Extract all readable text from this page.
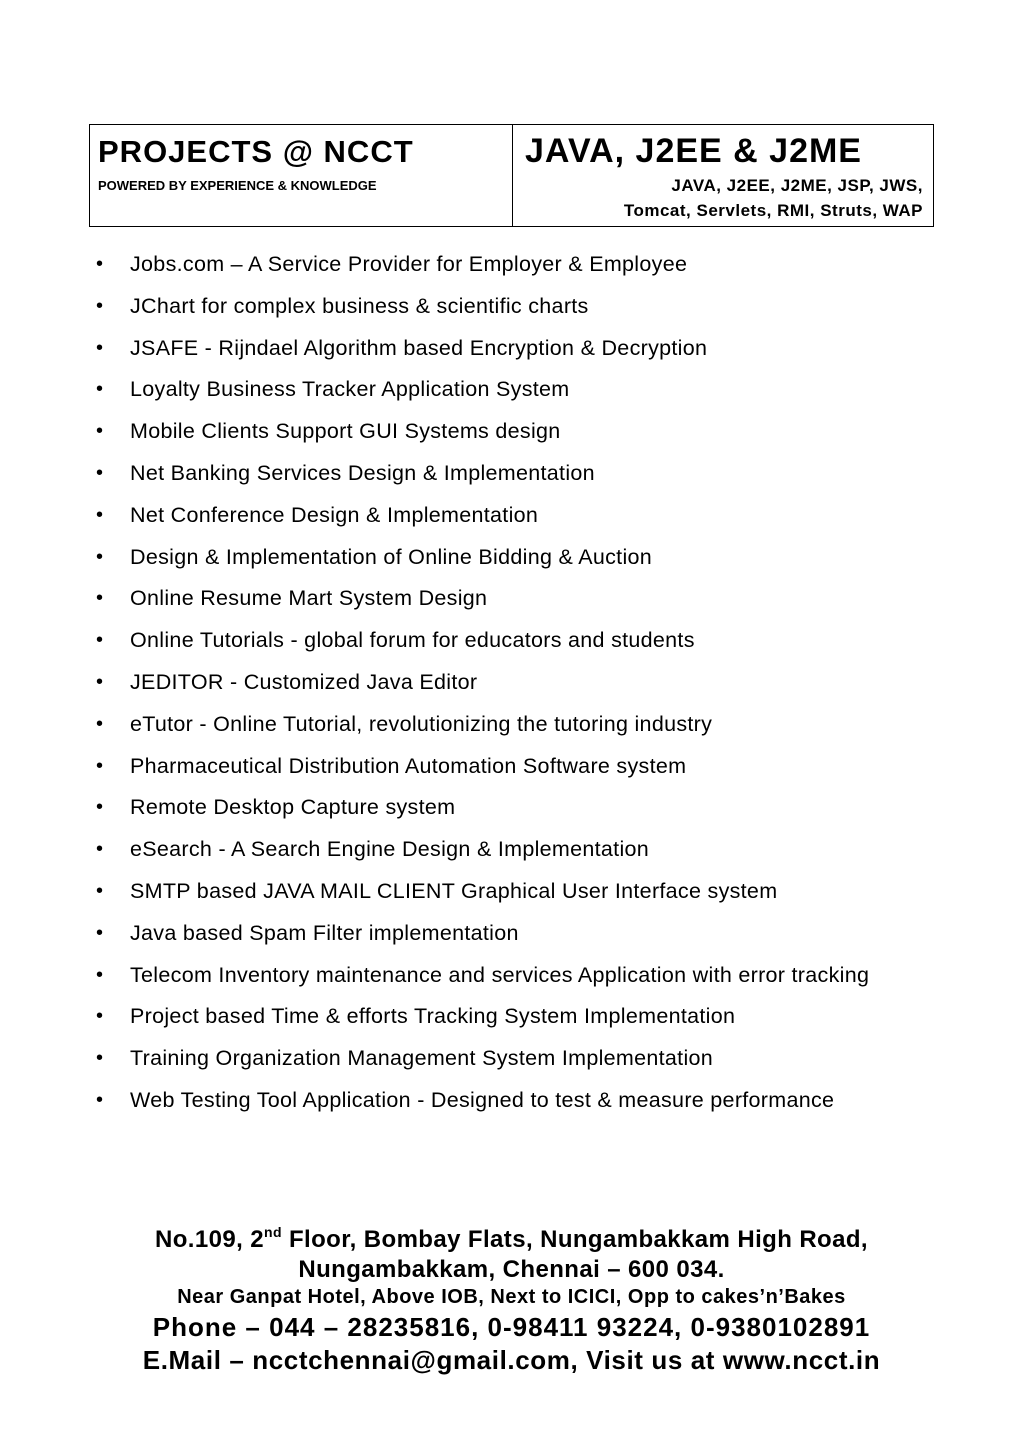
PROJECTS @ NCCT
POWERED BY EXPERIENCE & KNOWLEDGE
JAVA, J2EE & J2ME
JAVA, J2EE, J2ME, JSP, JWS,
Tomcat, Servlets, RMI, Struts, WAP
• Jobs.com – A Service Provider for Employer & Employee
• JChart for complex business & scientific charts
• JSAFE - Rijndael Algorithm based Encryption & Decryption
• Loyalty Business Tracker Application System
• Mobile Clients Support GUI Systems design
• Net Banking Services Design & Implementation
• Net Conference Design & Implementation
• Design & Implementation of Online Bidding & Auction
• Online Resume Mart System Design
• Online Tutorials - global forum for educators and students
• JEDITOR - Customized Java Editor
• eTutor - Online Tutorial, revolutionizing the tutoring industry
• Pharmaceutical Distribution Automation Software system
• Remote Desktop Capture system
• eSearch - A Search Engine Design & Implementation
• SMTP based JAVA MAIL CLIENT Graphical User Interface system
• Java based Spam Filter implementation
• Telecom Inventory maintenance and services Application with error tracking
• Project based Time & efforts Tracking System Implementation
• Training Organization Management System Implementation
• Web Testing Tool Application - Designed to test & measure performance
No.109, 2nd Floor, Bombay Flats, Nungambakkam High Road,
Nungambakkam, Chennai – 600 034.
Near Ganpat Hotel, Above IOB, Next to ICICI, Opp to cakes’n’Bakes
Phone – 044 – 28235816, 0-98411 93224, 0-9380102891
E.Mail – ncctchennai@gmail.com, Visit us at www.ncct.in
